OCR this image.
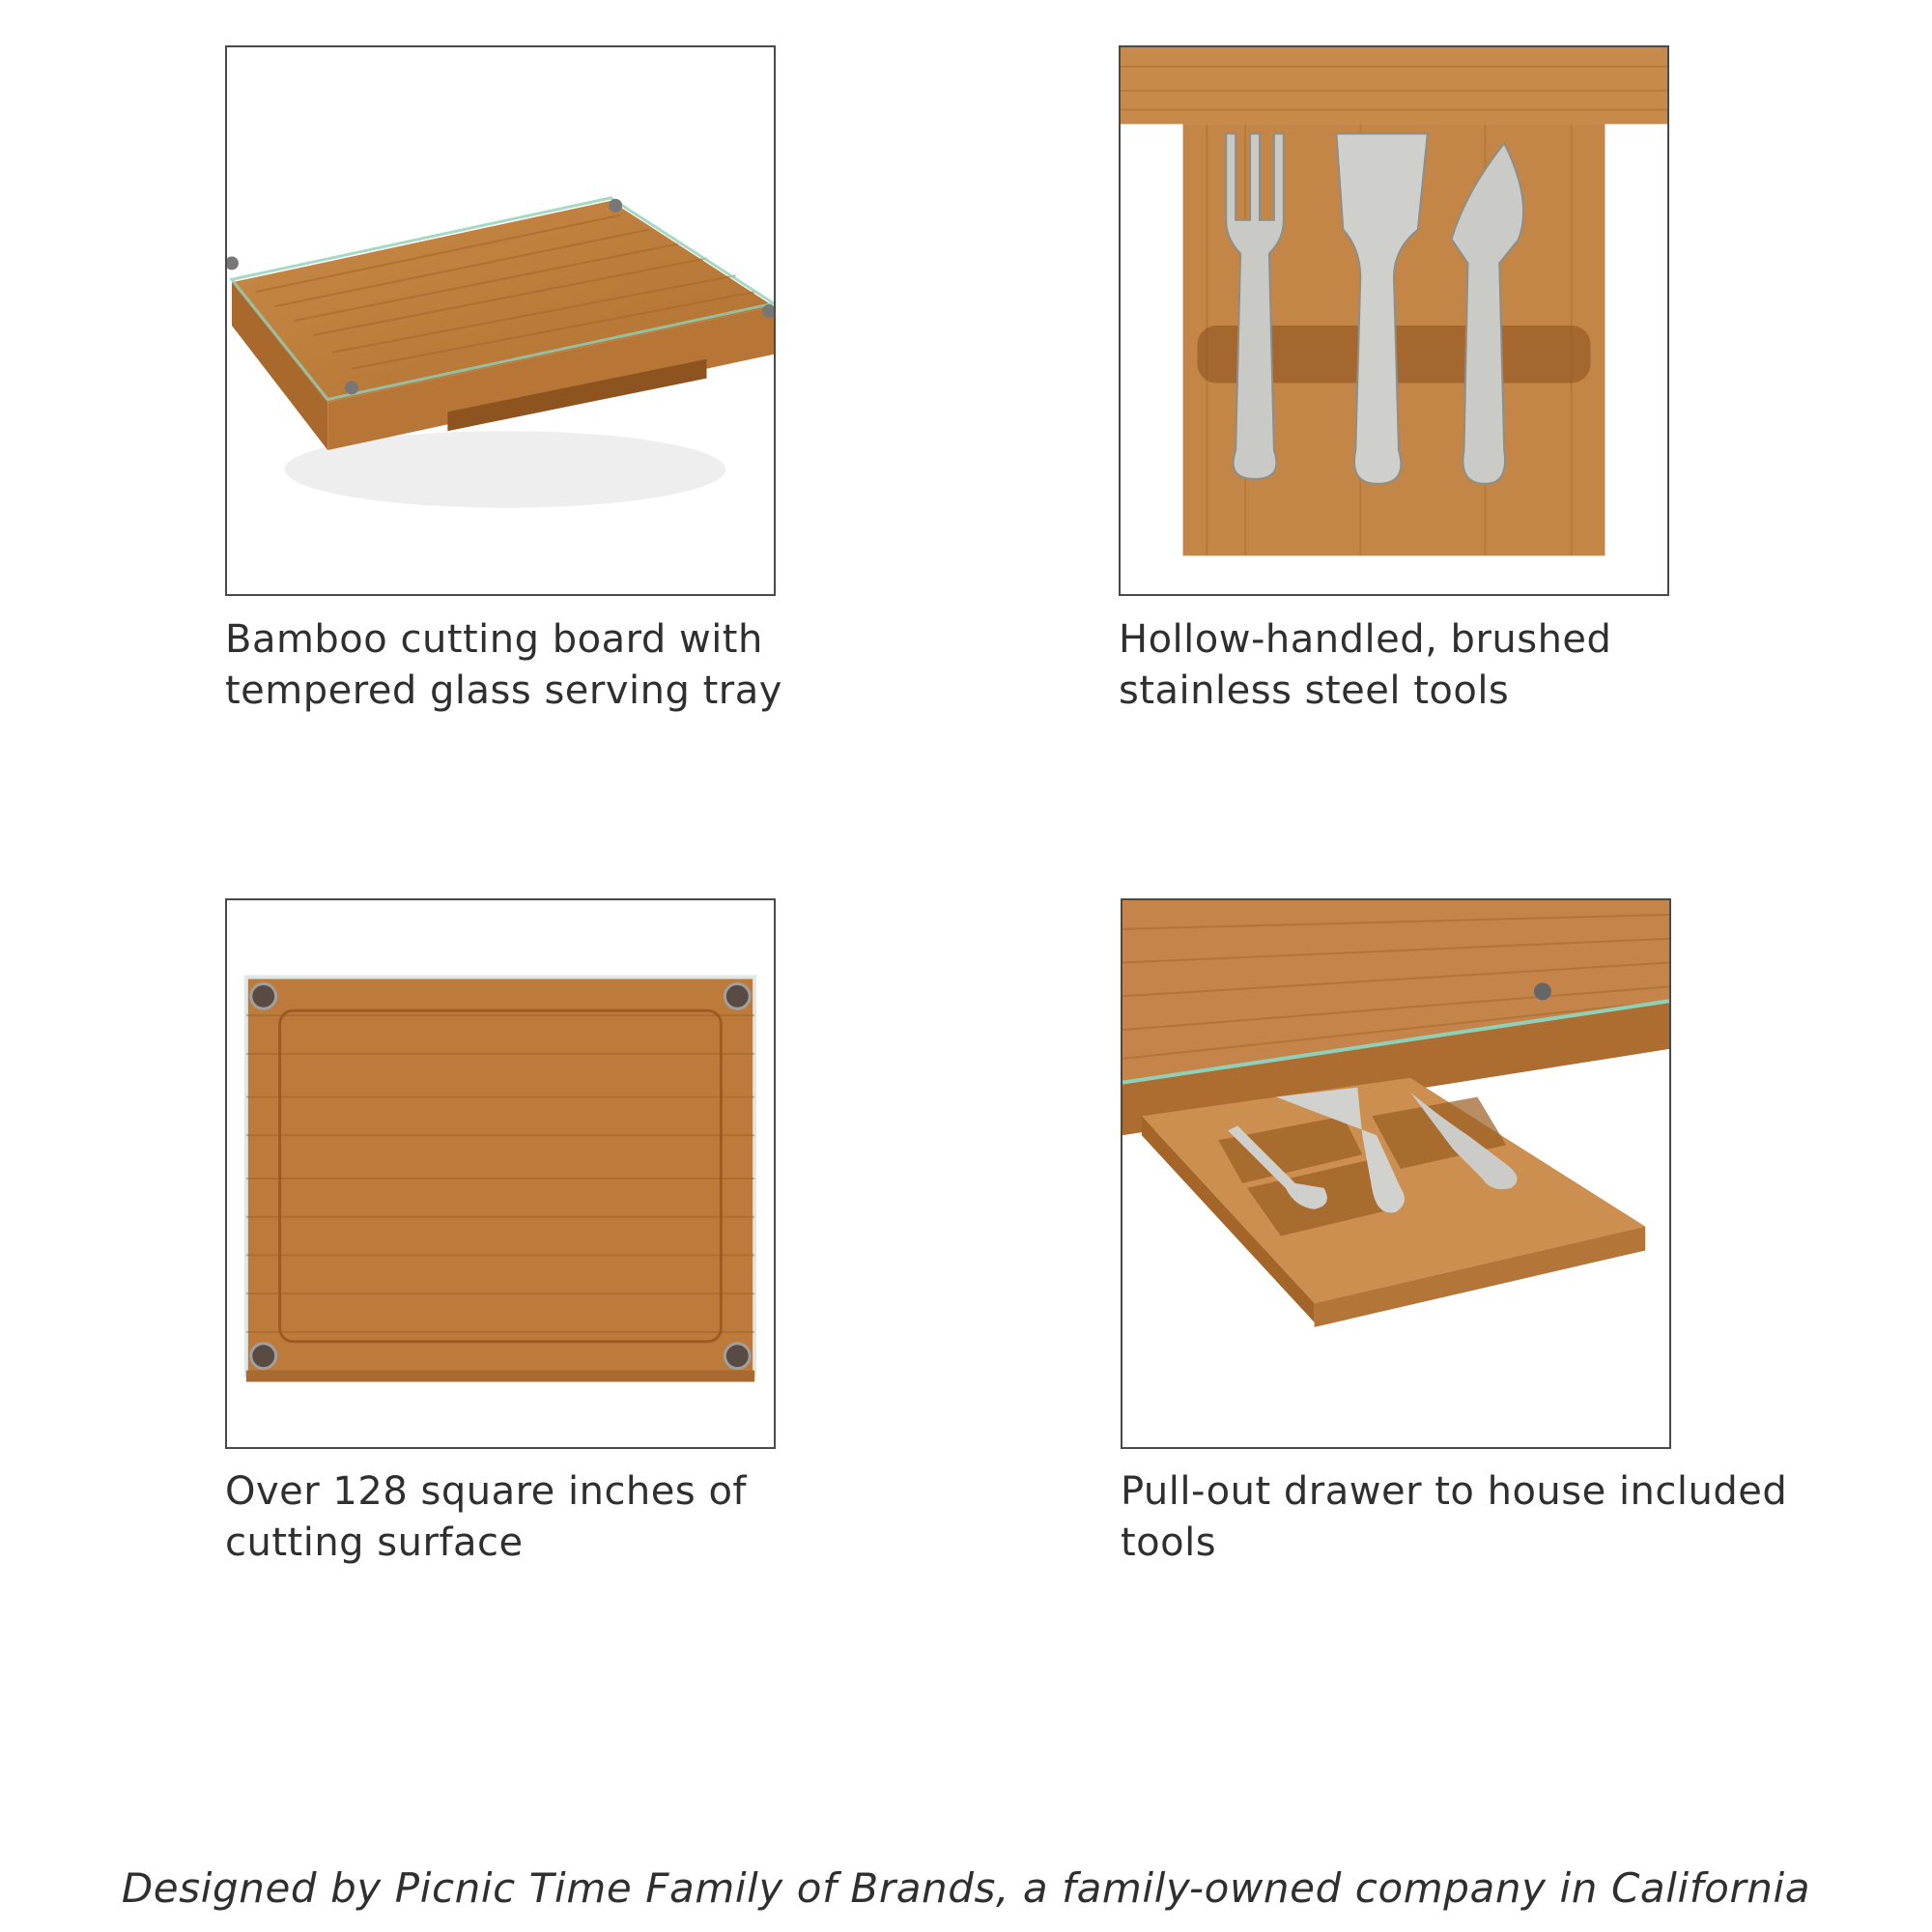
Bamboo cutting board with
tempered glass serving tray
Hollow-handled, brushed
stainless steel tools
Over 128 square inches of
cutting surface
Pull-out drawer to house included
tools
Designed by Picnic Time Family of Brands, a family-owned company in California
